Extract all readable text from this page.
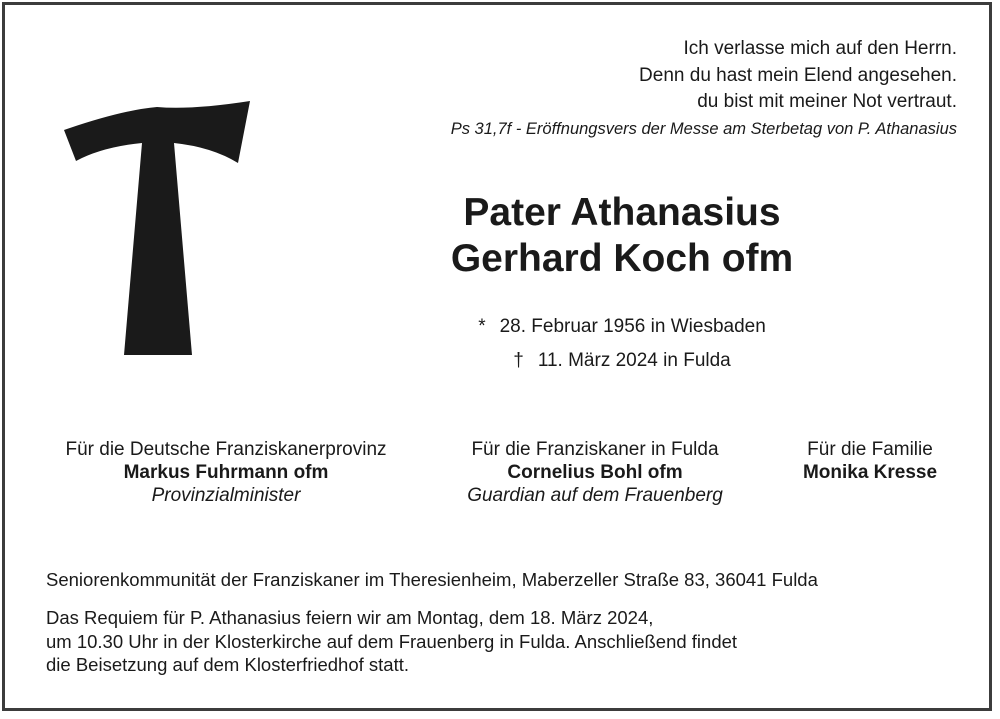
Ich verlasse mich auf den Herrn.
Denn du hast mein Elend angesehen.
du bist mit meiner Not vertraut.
Ps 31,7f - Eröffnungsvers der Messe am Sterbetag von P. Athanasius
Pater Athanasius
Gerhard Koch ofm
* 28. Februar 1956 in Wiesbaden
† 11. März 2024 in Fulda
Für die Deutsche Franziskanerprovinz
Markus Fuhrmann ofm
Provinzialminister
Für die Franziskaner in Fulda
Cornelius Bohl ofm
Guardian auf dem Frauenberg
Für die Familie
Monika Kresse
Seniorenkommunität der Franziskaner im Theresienheim, Maberzeller Straße 83, 36041 Fulda
Das Requiem für P. Athanasius feiern wir am Montag, dem 18. März 2024,
um 10.30 Uhr in der Klosterkirche auf dem Frauenberg in Fulda. Anschließend findet
die Beisetzung auf dem Klosterfriedhof statt.
